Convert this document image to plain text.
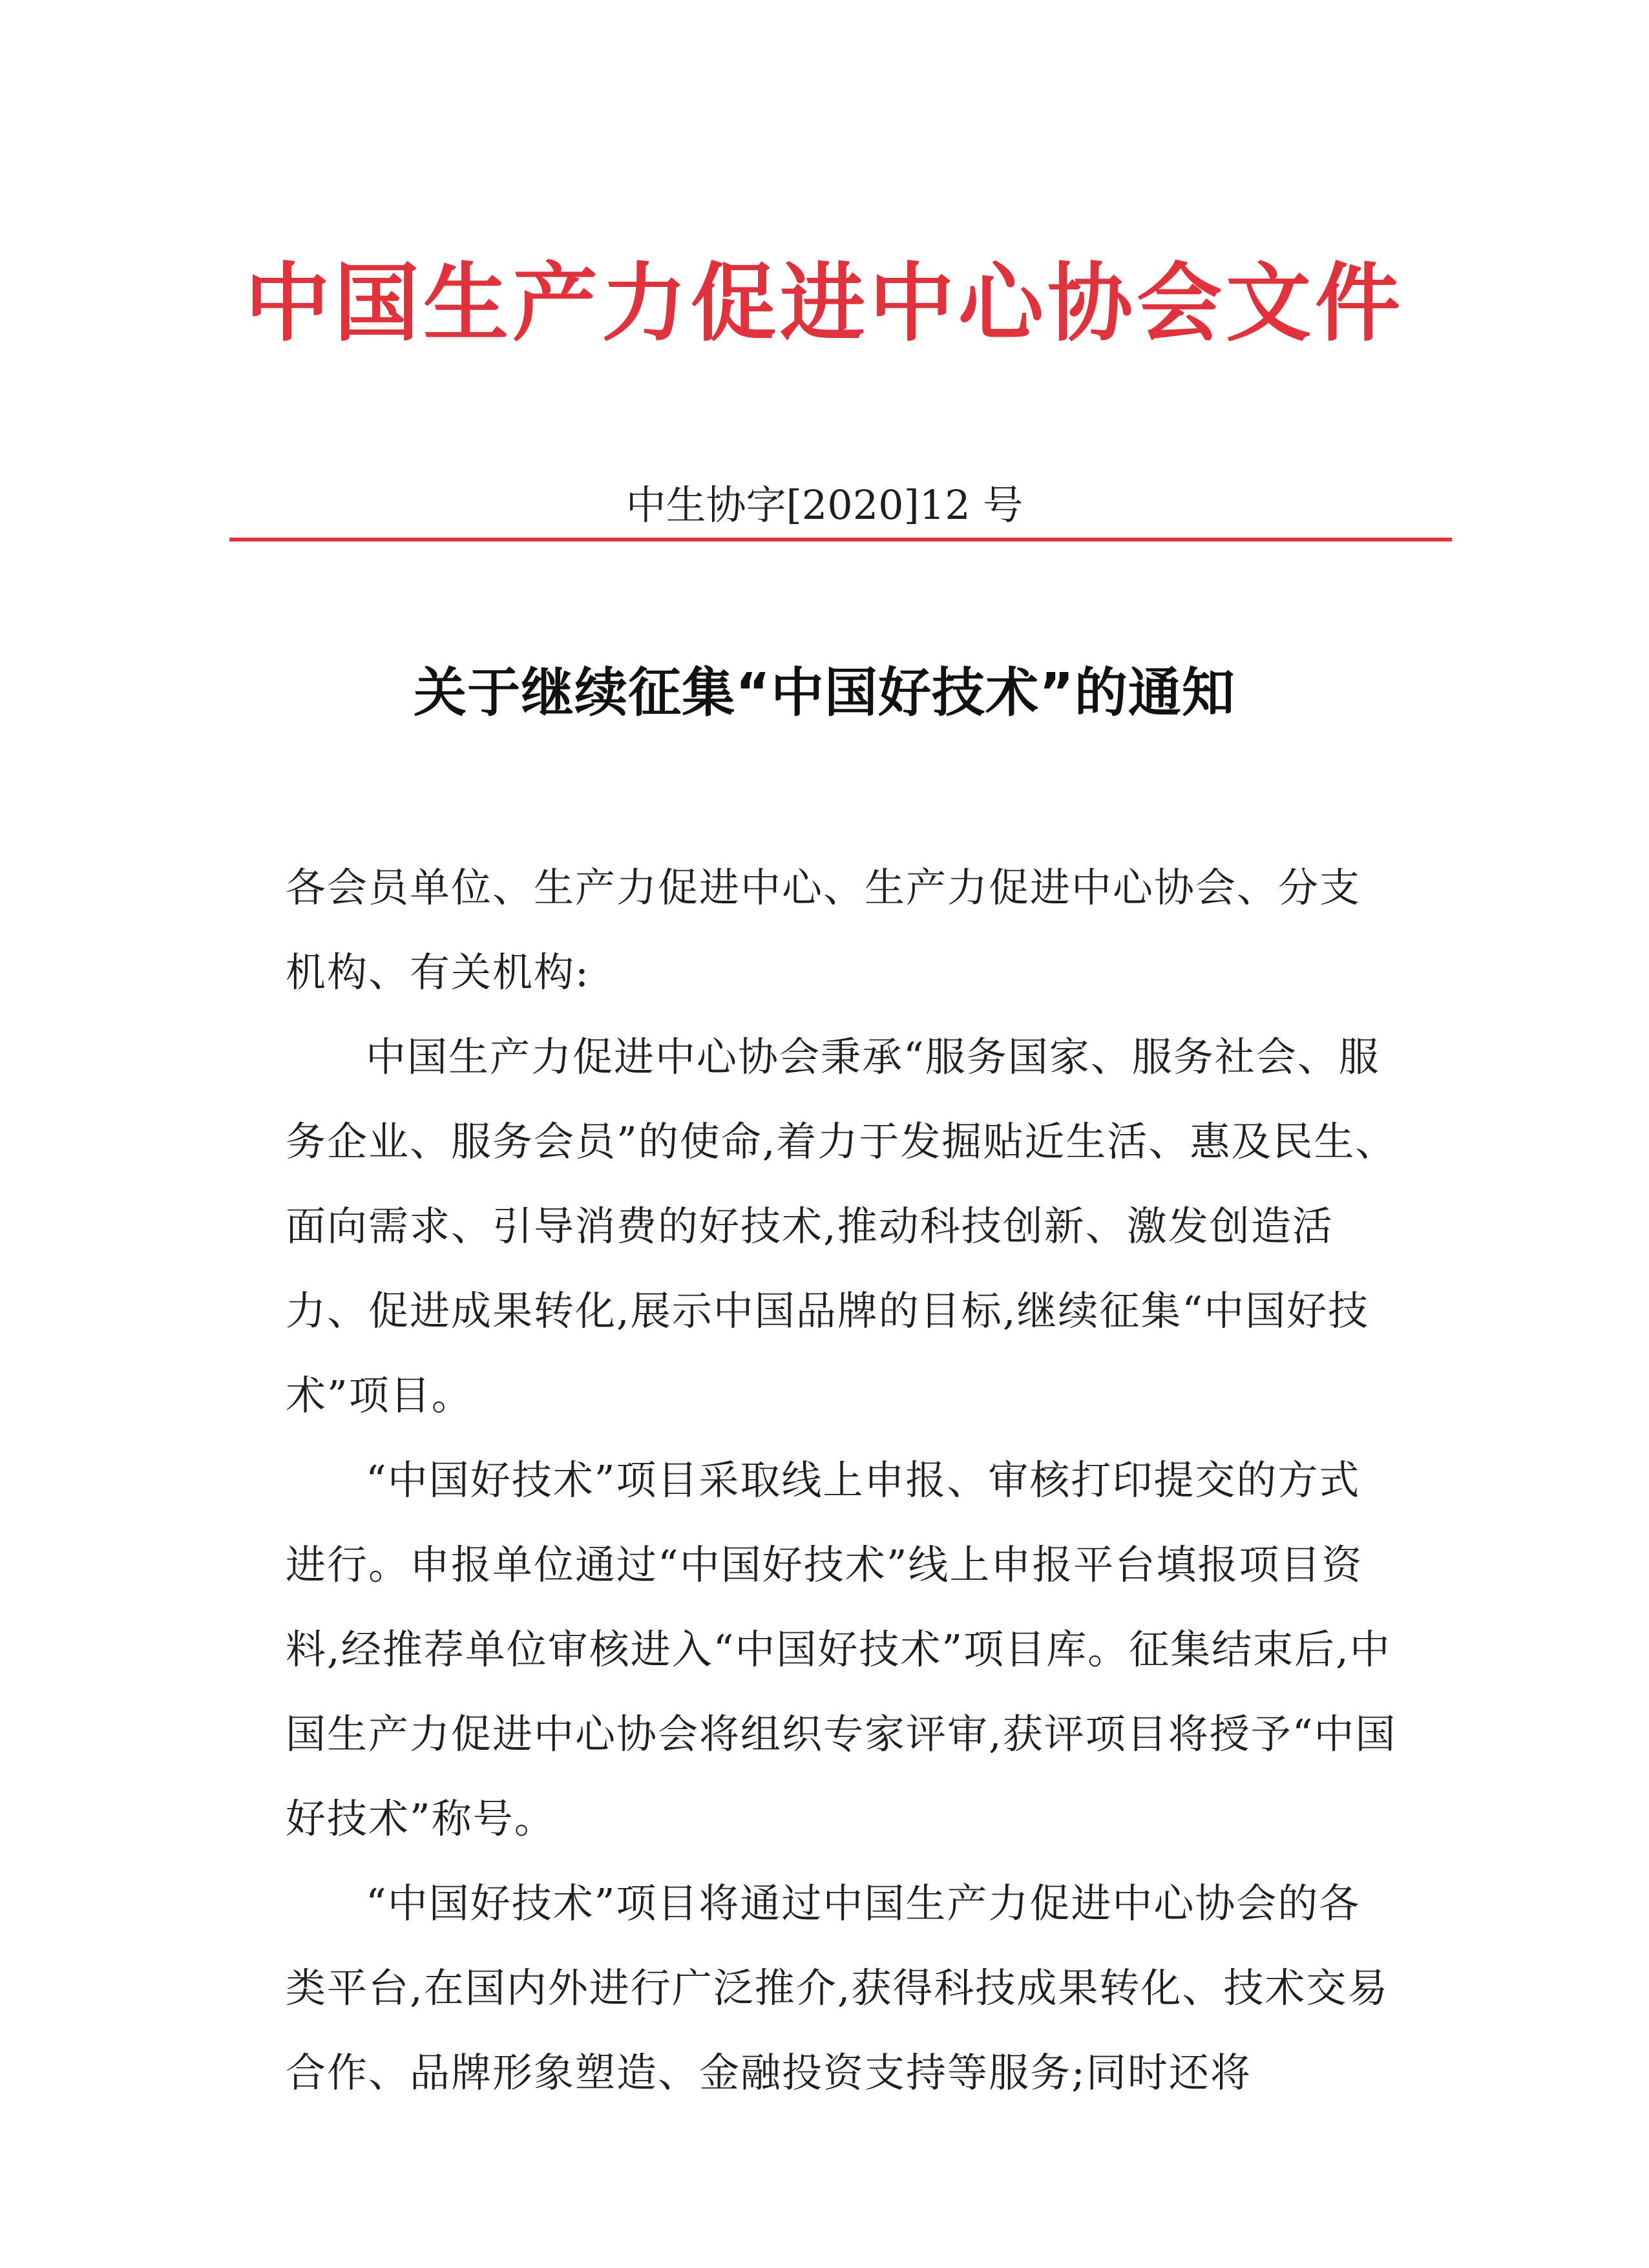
中国生产力促进中心协会文件
中生协字[2020]12 号
关于继续征集“中国好技术”的通知

各会员单位、生产力促进中心、生产力促进中心协会、分支机构、有关机构:

中国生产力促进中心协会秉承“服务国家、服务社会、服务企业、服务会员”的使命,着力于发掘贴近生活、惠及民生、面向需求、引导消费的好技术,推动科技创新、激发创造活力、促进成果转化,展示中国品牌的目标,继续征集“中国好技术”项目。

“中国好技术”项目采取线上申报、审核打印提交的方式进行。申报单位通过“中国好技术”线上申报平台填报项目资料,经推荐单位审核进入“中国好技术”项目库。征集结束后,中国生产力促进中心协会将组织专家评审,获评项目将授予“中国好技术”称号。

“中国好技术”项目将通过中国生产力促进中心协会的各类平台,在国内外进行广泛推介,获得科技成果转化、技术交易合作、品牌形象塑造、金融投资支持等服务;同时还将
